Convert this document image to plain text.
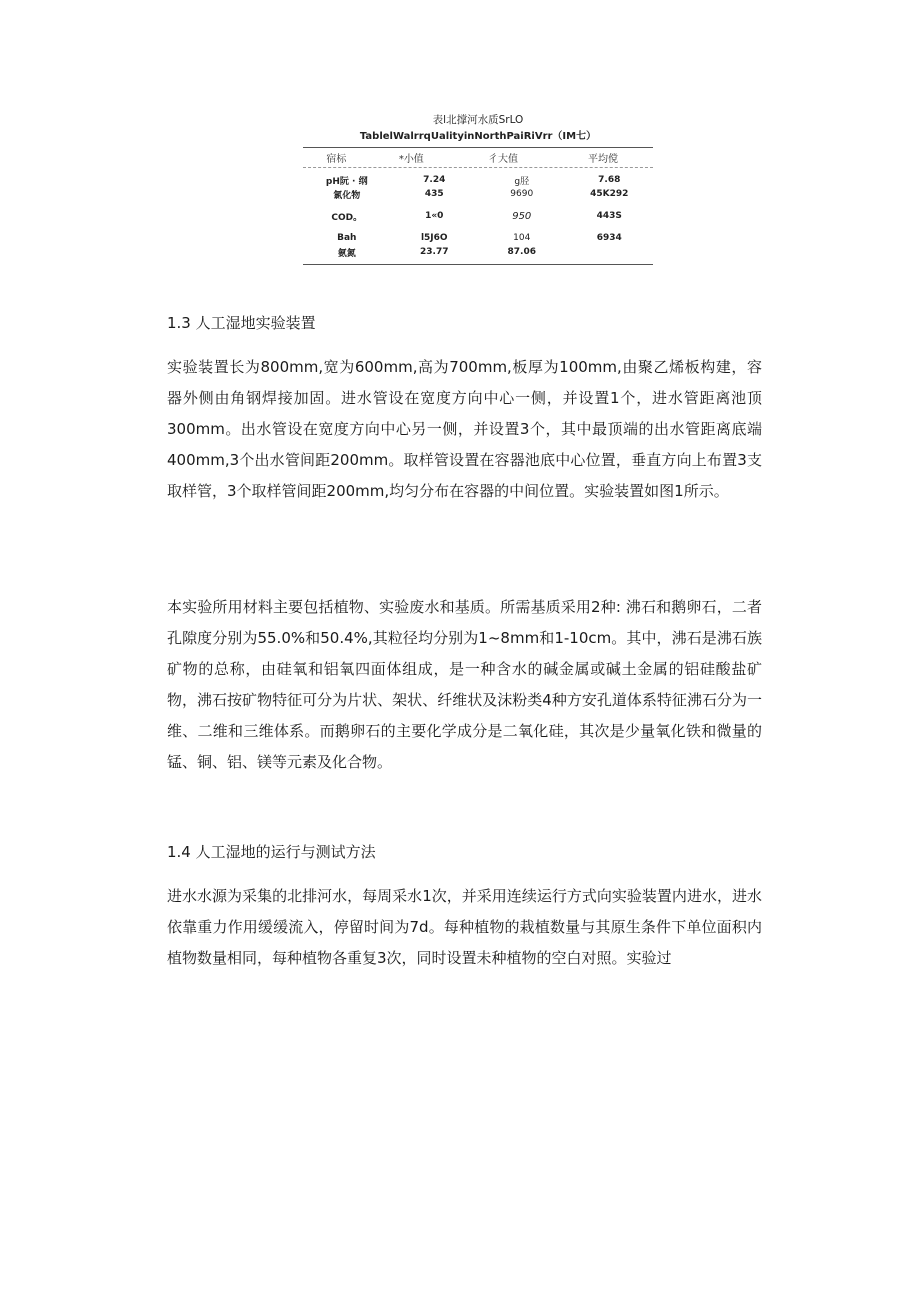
表l北撑河水质SrLO
TablelWalrrqUalityinNorthPaiRiVrr（IM七）
宿标	*小值	彳大值	平均傥
pH阮 · 纲	7.24	g胫	7.68
氯化物	435	9690	45K292

COD。	1«0	950	443S

Bah	l5J6O	104	6934
氨氮	23.77	87.06	
1.3 人工湿地实验装置
实验装置长为800mm,宽为600mm,高为700mm,板厚为100mm,由聚乙烯板构建，容器外侧由角钢焊接加固。进水管设在宽度方向中心一侧，并设置1个，进水管距离池顶300mm。出水管设在宽度方向中心另一侧，并设置3个，其中最顶端的出水管距离底端400mm,3个出水管间距200mm。取样管设置在容器池底中心位置，垂直方向上布置3支取样管，3个取样管间距200mm,均匀分布在容器的中间位置。实验装置如图1所示。
本实验所用材料主要包括植物、实验废水和基质。所需基质采用2种: 沸石和鹅卵石，二者孔隙度分别为55.0%和50.4%,其粒径均分别为1~8mm和1-10cm。其中，沸石是沸石族矿物的总称，由硅氧和铝氧四面体组成，是一种含水的碱金属或碱土金属的铝硅酸盐矿物，沸石按矿物特征可分为片状、架状、纤维状及沫粉类4种方安孔道体系特征沸石分为一维、二维和三维体系。而鹅卵石的主要化学成分是二氧化硅，其次是少量氧化铁和微量的锰、铜、铝、镁等元素及化合物。
1.4 人工湿地的运行与测试方法
进水水源为采集的北排河水，每周采水1次，并采用连续运行方式向实验装置内进水，进水依靠重力作用缓缓流入，停留时间为7d。每种植物的栽植数量与其原生条件下单位面积内植物数量相同，每种植物各重复3次，同时设置未种植物的空白对照。实验过
